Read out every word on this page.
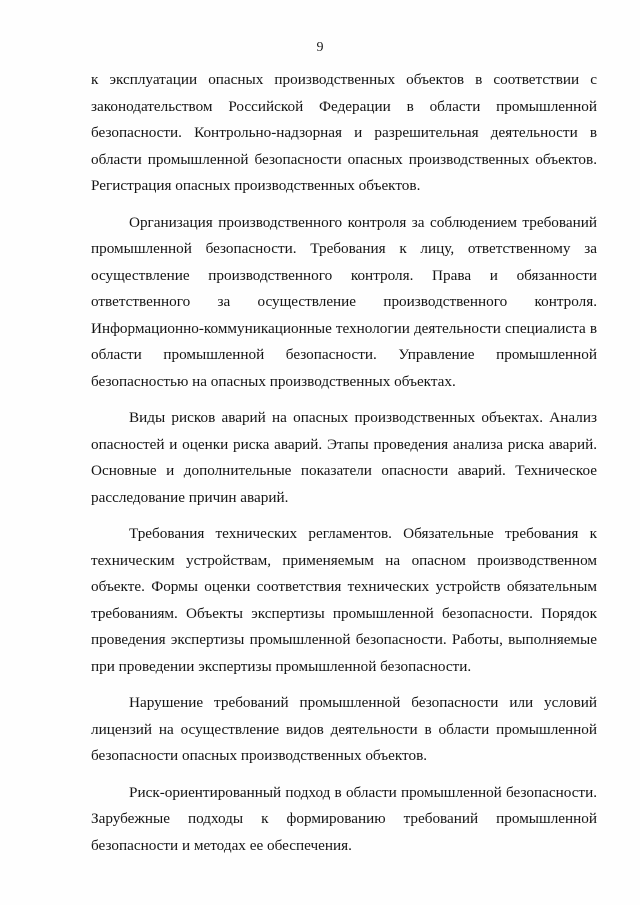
9

к эксплуатации опасных производственных объектов в соответствии с законодательством Российской Федерации в области промышленной безопасности. Контрольно-надзорная и разрешительная деятельности в области промышленной безопасности опасных производственных объектов. Регистрация опасных производственных объектов.

Организация производственного контроля за соблюдением требований промышленной безопасности. Требования к лицу, ответственному за осуществление производственного контроля. Права и обязанности ответственного за осуществление производственного контроля. Информационно-коммуникационные технологии деятельности специалиста в области промышленной безопасности. Управление промышленной безопасностью на опасных производственных объектах.

Виды рисков аварий на опасных производственных объектах. Анализ опасностей и оценки риска аварий. Этапы проведения анализа риска аварий. Основные и дополнительные показатели опасности аварий. Техническое расследование причин аварий.

Требования технических регламентов. Обязательные требования к техническим устройствам, применяемым на опасном производственном объекте. Формы оценки соответствия технических устройств обязательным требованиям. Объекты экспертизы промышленной безопасности. Порядок проведения экспертизы промышленной безопасности. Работы, выполняемые при проведении экспертизы промышленной безопасности.

Нарушение требований промышленной безопасности или условий лицензий на осуществление видов деятельности в области промышленной безопасности опасных производственных объектов.

Риск-ориентированный подход в области промышленной безопасности. Зарубежные подходы к формированию требований промышленной безопасности и методах ее обеспечения.
